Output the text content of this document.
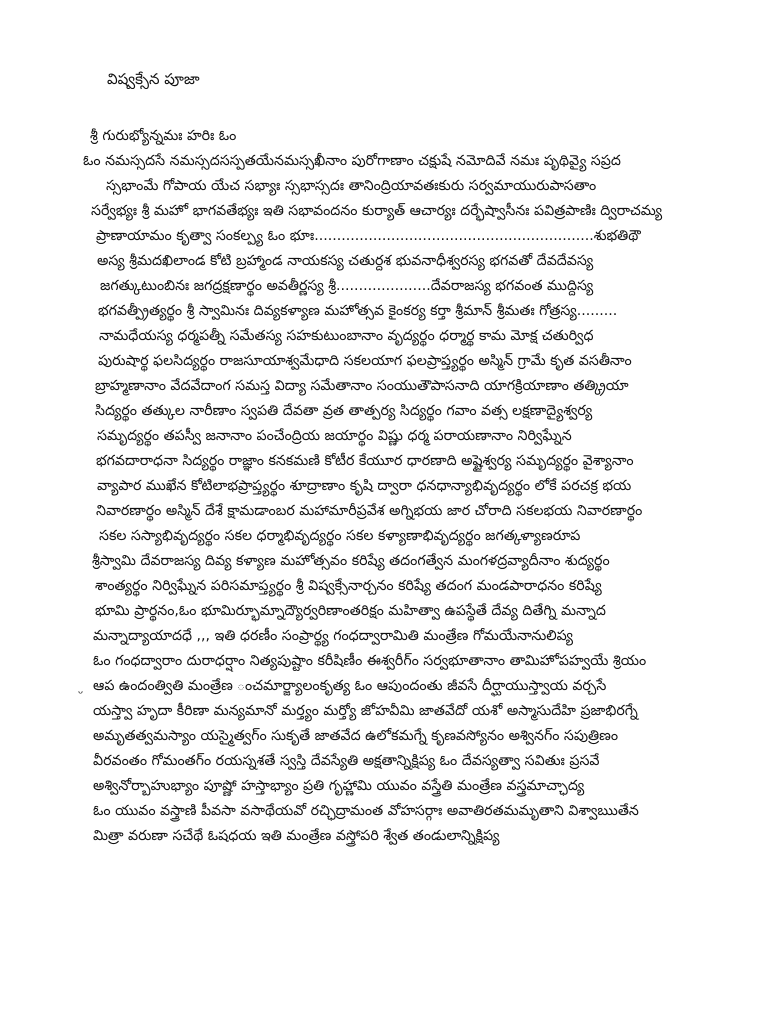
విష్వక్సేన పూజా
ᵕ
శ్రీ గురుభ్యోన్నమః హరిః ఓం
ఓం నమస్సదసే నమస్సదసస్పతయేనమస్సఖీనాం పురోగాణాం చక్షుషే నమోదివే నమః పృథివ్యై సప్రద
స్సభాంమే గోపాయ యేచ సభ్యాః స్సభాస్సదః తానింద్రియావతఃకురు సర్వమాయురుపాసతాం
సర్వేభ్యః శ్రీ మహో భాగవతేభ్యః ఇతి సభావందనం కుర్యాత్ ఆచార్యః దర్భేష్వాసీనః పవిత్రపాణిః ద్విరాచమ్య
ప్రాణాయామం కృత్వా సంకల్ప్య ఓం భూః..............................................................శుభతిథౌ
అస్య శ్రీమదఖిలాండ కోటి బ్రహ్మాండ నాయకస్య చతుర్దశ భువనాధీశ్వరస్య భగవతో దేవదేవస్య
జగత్కుటుంబినః జగద్రక్షణార్థం అవతీర్ణస్య శ్రీ.....................దేవరాజస్య భగవంత ముద్దిస్య
భగవత్ప్రీత్యర్థం శ్రీ స్వామినః దివ్యకళ్యాణ మహోత్సవ కైంకర్య కర్తా శ్రీమాన్ శ్రీమతః గోత్రస్య.........
నామధేయస్య ధర్మపత్నీ సమేతస్య సహకుటుంబానాం వృద్యర్థం ధర్మార్థ కామ మోక్ష చతుర్విధ
పురుషార్థ ఫలసిద్యర్థం రాజసూయాశ్వమేధాది సకలయాగ ఫలప్రాప్త్యర్థం అస్మిన్ గ్రామే కృత వసతీనాం
బ్రాహ్మణానాం వేదవేదాంగ సమస్త విద్యా సమేతానాం సంయుతౌపాసనాది యాగక్రియాణాం తత్క్రియా
సిద్యర్థం తత్కుల నారీణాం స్వపతి దేవతా వ్రత తాత్పర్య సిద్యర్థం గవాం వత్స లక్షణాద్యైశ్వర్య
సమృద్యర్థం తపస్వీ జనానాం పంచేంద్రియ జయార్థం విష్ణు ధర్మ పరాయణానాం నిర్విఘ్నేన
భగవదారాధనా సిద్యర్థం రాజ్ఞాం కనకమణి కోటీర కేయూర ధారణాది అష్టైశ్వర్య సమృద్యర్థం వైశ్యానాం
వ్యాపార ముఖేన కోటిలాభప్రాప్త్యర్థం శూద్రాణాం కృషి ద్వారా ధనధాన్యాభివృద్యర్థం లోకే పరచక్ర భయ
నివారణార్థం అస్మిన్ దేశే క్షామడాంబర మహామారీప్రవేశ అగ్నిభయ జార చోరాది సకలభయ నివారణార్థం
సకల సస్యాభివృద్యర్థం సకల ధర్మాభివృద్యర్థం సకల కళ్యాణాభివృద్యర్థం జగత్కళ్యాణరూప
శ్రీస్వామి దేవరాజస్య దివ్య కళ్యాణ మహోత్సవం కరిష్యే తదంగత్వేన మంగళద్రవ్యాదీనాం శుద్యర్థం
శాంత్యర్థం నిర్విఘ్నేన పరిసమాప్త్యర్థం శ్రీ విష్వక్సేనార్చనం కరిష్యే తదంగ మండపారాధనం కరిష్యే
భూమి ప్రార్థనం,ఓం భూమిర్భూమ్నాద్యౌర్వరిణాంతరిక్షం మహిత్వా ఉపస్థేతే దేవ్య దితేగ్ని మన్నాద
మన్నాద్యాయాదధే ,,, ఇతి ధరణీం సంప్రార్థ్య గంధద్వారామితి మంత్రేణ గోమయేనానులిప్య
ఓం గంధద్వారాం దురాధర్షాం నిత్యపుష్టాం కరీషిణీం ఈశ్వరీగ్ం సర్వభూతానాం తామిహోపహ్వయే శ్రియం
ఆప ఉందంత్వితి మంత్రేణ ంచమార్జ్యాలంకృత్య ఓం ఆపుందంతు జీవసే దీర్ఘాయుస్త్వాయ వర్చసే
యస్త్వా హృదా కీరిణా మన్యమానో మర్త్యం మర్త్యో జోహవీమి జాతవేదో యశో అస్మాసుదేహి ప్రజాభిరగ్నే
అమృతత్వమస్యాం యస్మైత్వగ్ం సుకృతే జాతవేద ఉలోకమగ్నే కృణవస్యోనం అశ్వినగ్ం సపుత్రిణం
వీరవంతం గోమంతగ్ం రయస్నశతే స్వస్తి దేవస్యేతి అక్షతాన్నిక్షిప్య ఓం దేవస్యత్వా సవితుః ప్రసవే
అశ్వినోర్బాహుభ్యాం పూష్ణో హస్తాభ్యాం ప్రతి గృహ్ణామి యువం వస్త్రేతి మంత్రేణ వస్త్రమాచ్ఛాద్య
ఓం యువం వస్త్రాణి పీవసా వసాథేయవో రచ్ఛిద్రామంత వోహసర్గాః అవాతిరతమమృతాని విశ్వాఋతేన
మిత్రా వరుణా సచేథే ఓషధయ ఇతి మంత్రేణ వస్త్రోపరి శ్వేత తండులాన్నిక్షిప్య
